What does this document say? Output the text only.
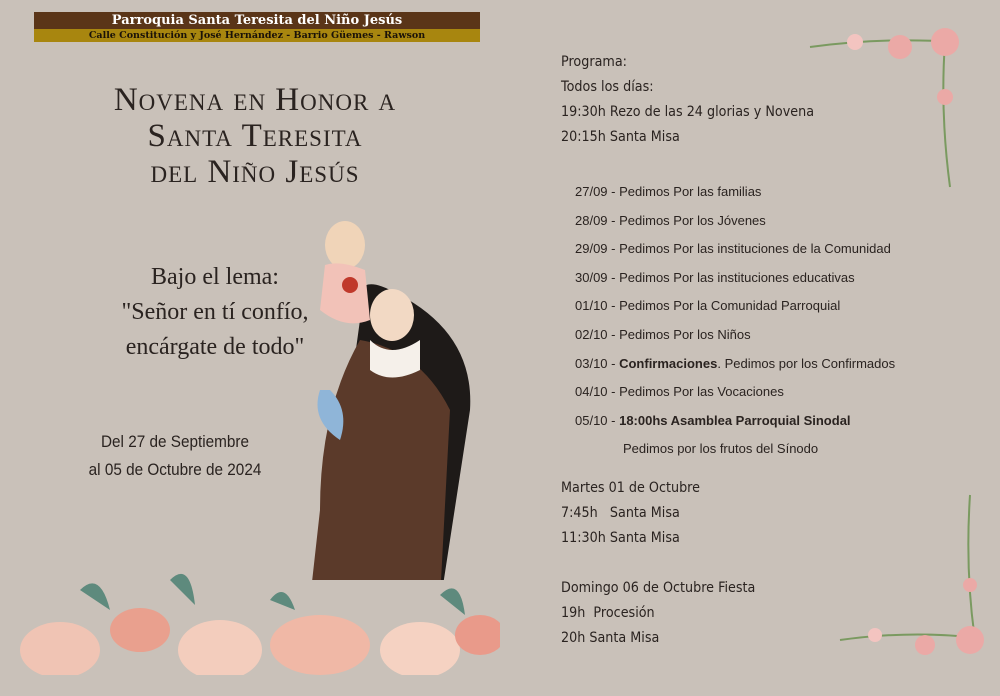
Parroquia Santa Teresita del Niño Jesús
Calle Constitución y José Hernández - Barrio Güemes - Rawson
Novena en Honor a
Santa Teresita
del Niño Jesús
Bajo el lema:
"Señor en tí confío,
encárgate de todo"
Del 27 de Septiembre
al 05 de Octubre de 2024
Programa:
Todos los días:
19:30h Rezo de las 24 glorias y Novena
20:15h Santa Misa
27/09 - Pedimos Por las familias
28/09 - Pedimos Por los Jóvenes
29/09 - Pedimos Por las instituciones de la Comunidad
30/09 - Pedimos Por las instituciones educativas
01/10 - Pedimos Por la Comunidad Parroquial
02/10 - Pedimos Por los Niños
03/10 - Confirmaciones. Pedimos por los Confirmados
04/10 - Pedimos Por las Vocaciones
05/10 - 18:00hs Asamblea Parroquial Sinodal
Pedimos por los frutos del Sínodo
Martes 01 de Octubre
7:45h   Santa Misa
11:30h Santa Misa
Domingo 06 de Octubre Fiesta
19h  Procesión
20h Santa Misa
